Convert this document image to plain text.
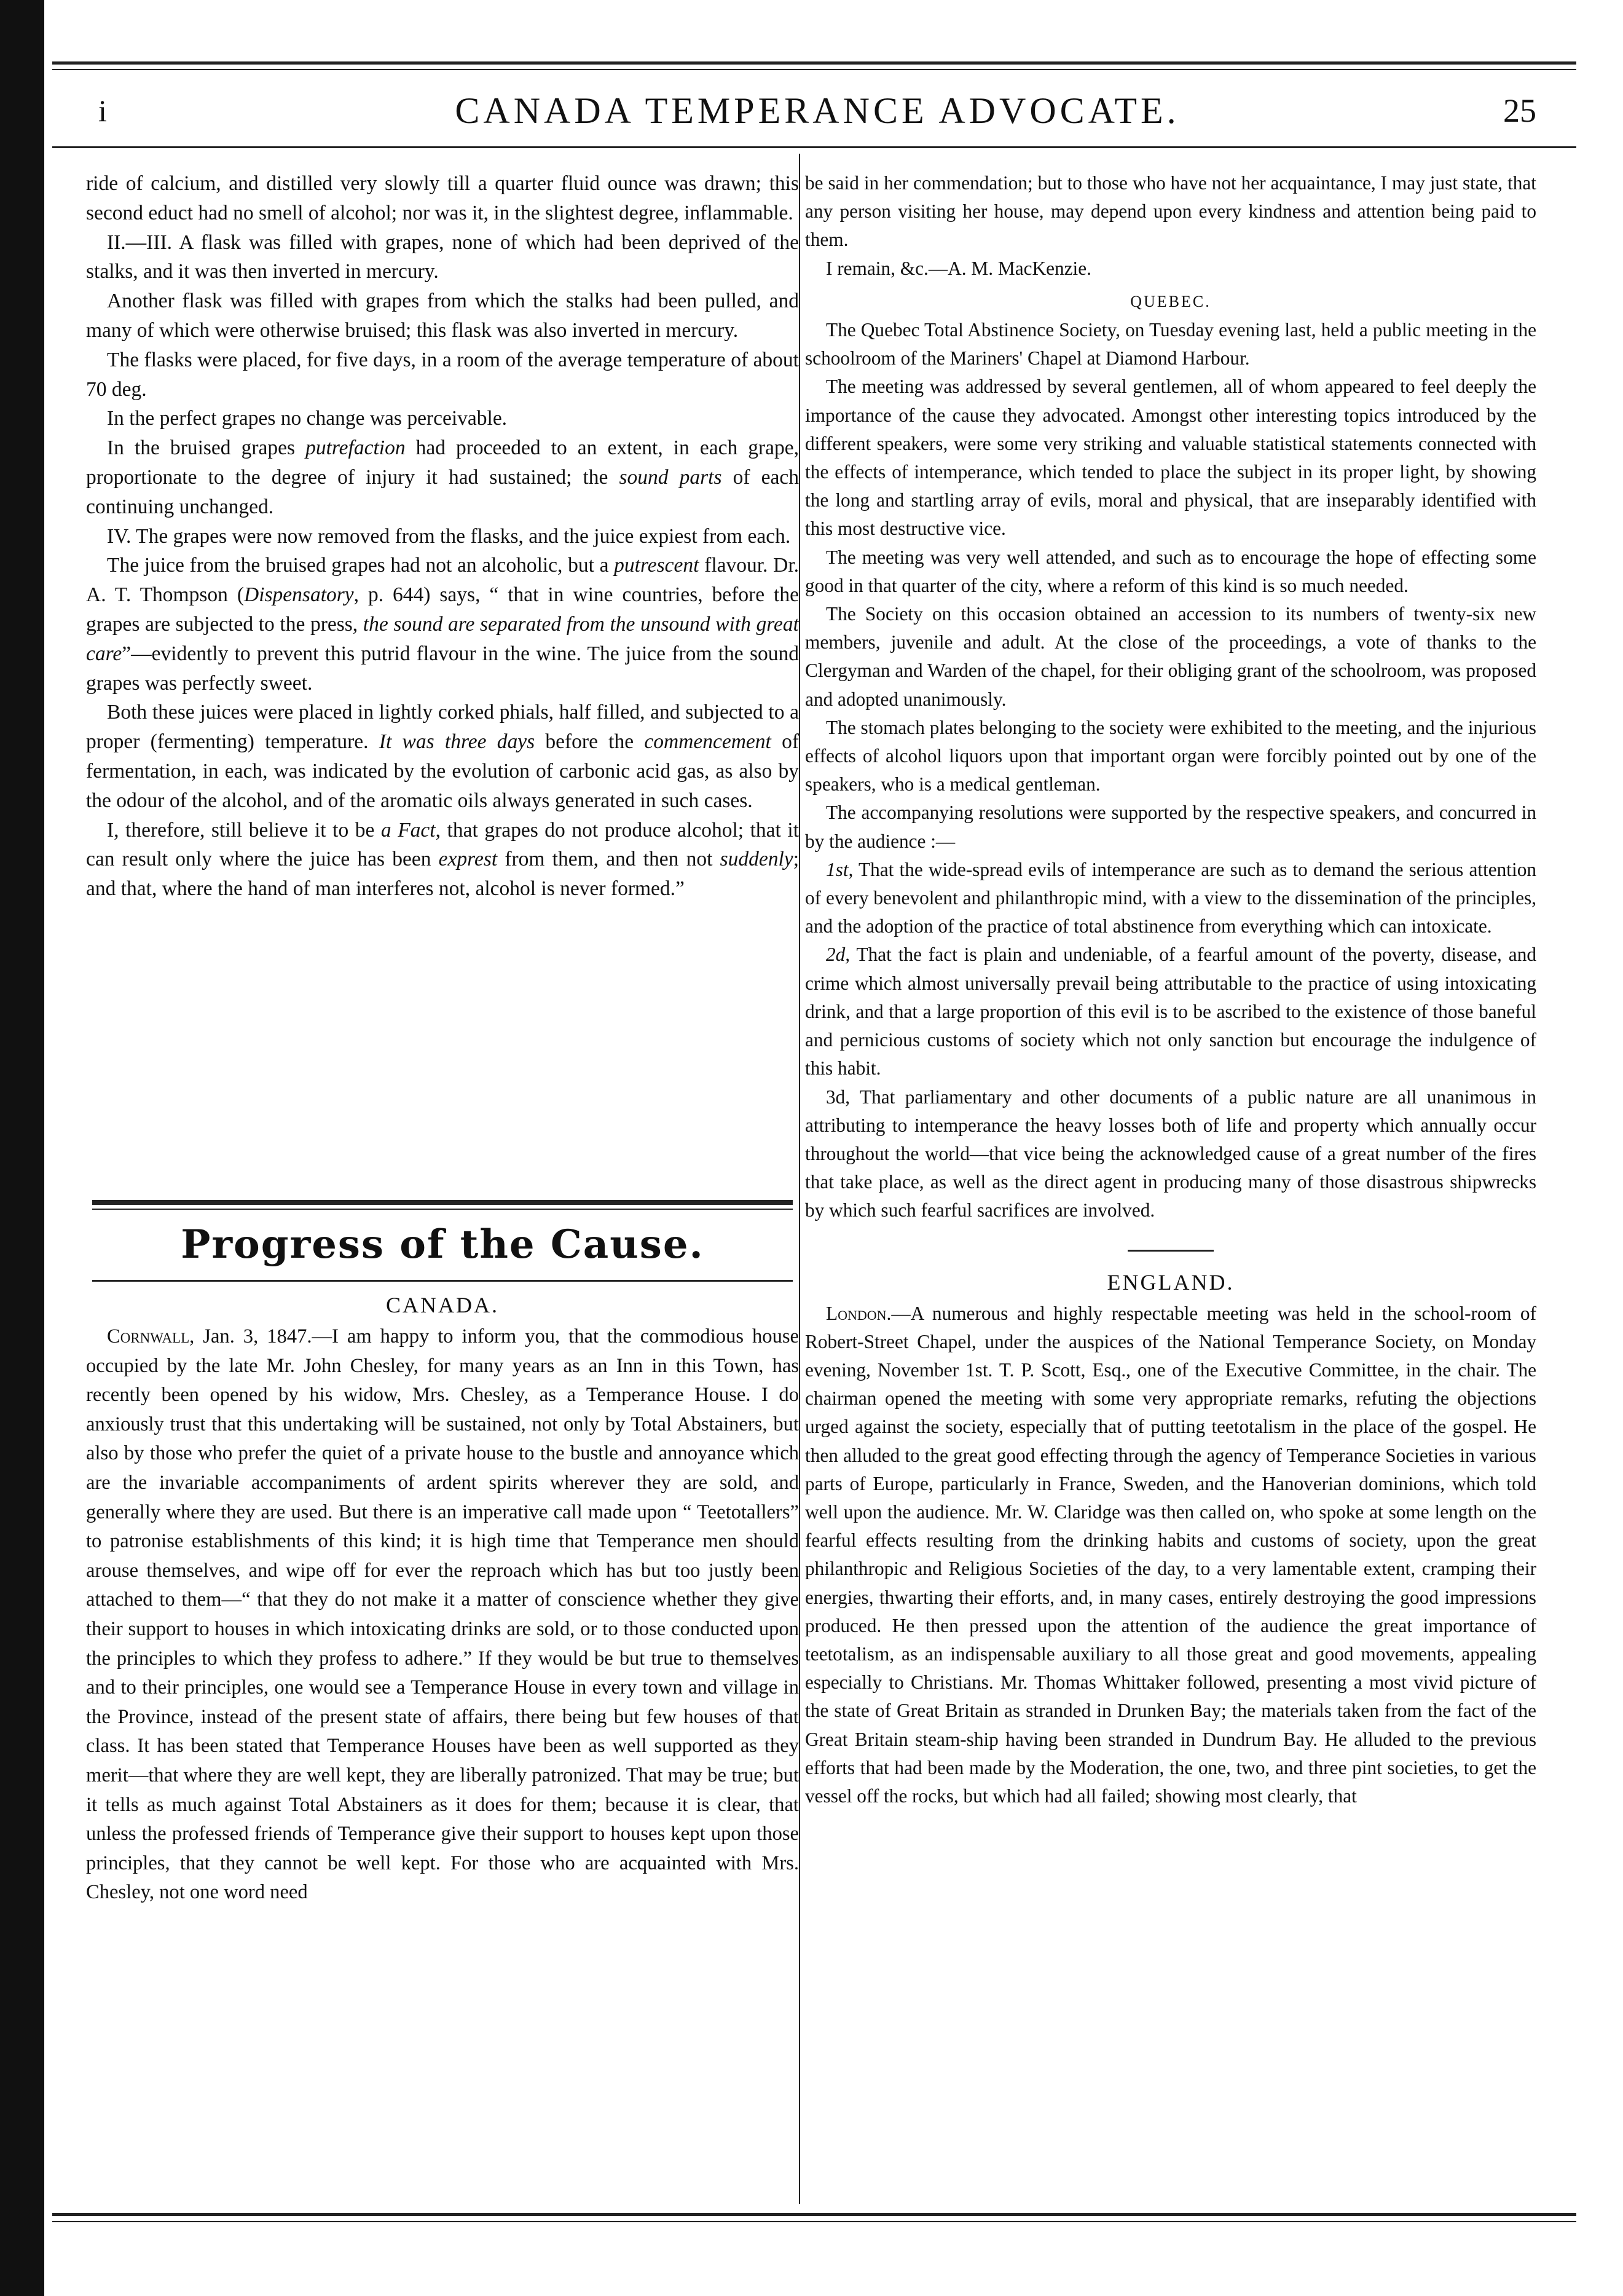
i	CANADA TEMPERANCE ADVOCATE.	25

ride of calcium, and distilled very slowly till a quarter fluid ounce was drawn; this second educt had no smell of alcohol; nor was it, in the slightest degree, inflammable.

II.—III. A flask was filled with grapes, none of which had been deprived of the stalks, and it was then inverted in mercury.

Another flask was filled with grapes from which the stalks had been pulled, and many of which were otherwise bruised; this flask was also inverted in mercury.

The flasks were placed, for five days, in a room of the average temperature of about 70 deg.

In the perfect grapes no change was perceivable.

In the bruised grapes putrefaction had proceeded to an extent, in each grape, proportionate to the degree of injury it had sustained; the sound parts of each continuing unchanged.

IV. The grapes were now removed from the flasks, and the juice expiest from each.

The juice from the bruised grapes had not an alcoholic, but a putrescent flavour. Dr. A. T. Thompson (Dispensatory, p. 644) says, “ that in wine countries, before the grapes are subjected to the press, the sound are separated from the unsound with great care”—evidently to prevent this putrid flavour in the wine. The juice from the sound grapes was perfectly sweet.

Both these juices were placed in lightly corked phials, half filled, and subjected to a proper (fermenting) temperature. It was three days before the commencement of fermentation, in each, was indicated by the evolution of carbonic acid gas, as also by the odour of the alcohol, and of the aromatic oils always generated in such cases.

I, therefore, still believe it to be a Fact, that grapes do not produce alcohol; that it can result only where the juice has been exprest from them, and then not suddenly; and that, where the hand of man interferes not, alcohol is never formed.”

Progress of the Cause.

CANADA.

Cornwall, Jan. 3, 1847.—I am happy to inform you, that the commodious house occupied by the late Mr. John Chesley, for many years as an Inn in this Town, has recently been opened by his widow, Mrs. Chesley, as a Temperance House. I do anxiously trust that this undertaking will be sustained, not only by Total Abstainers, but also by those who prefer the quiet of a private house to the bustle and annoyance which are the invariable accompaniments of ardent spirits wherever they are sold, and generally where they are used. But there is an imperative call made upon “ Teetotallers” to patronise establishments of this kind; it is high time that Temperance men should arouse themselves, and wipe off for ever the reproach which has but too justly been attached to them—“ that they do not make it a matter of conscience whether they give their support to houses in which intoxicating drinks are sold, or to those conducted upon the principles to which they profess to adhere.” If they would be but true to themselves and to their principles, one would see a Temperance House in every town and village in the Province, instead of the present state of affairs, there being but few houses of that class. It has been stated that Temperance Houses have been as well supported as they merit—that where they are well kept, they are liberally patronized. That may be true; but it tells as much against Total Abstainers as it does for them; because it is clear, that unless the professed friends of Temperance give their support to houses kept upon those principles, that they cannot be well kept. For those who are acquainted with Mrs. Chesley, not one word need

be said in her commendation; but to those who have not her acquaintance, I may just state, that any person visiting her house, may depend upon every kindness and attention being paid to them.

I remain, &c.—A. M. MacKenzie.

QUEBEC.

The Quebec Total Abstinence Society, on Tuesday evening last, held a public meeting in the schoolroom of the Mariners' Chapel at Diamond Harbour.

The meeting was addressed by several gentlemen, all of whom appeared to feel deeply the importance of the cause they advocated. Amongst other interesting topics introduced by the different speakers, were some very striking and valuable statistical statements connected with the effects of intemperance, which tended to place the subject in its proper light, by showing the long and startling array of evils, moral and physical, that are inseparably identified with this most destructive vice.

The meeting was very well attended, and such as to encourage the hope of effecting some good in that quarter of the city, where a reform of this kind is so much needed.

The Society on this occasion obtained an accession to its numbers of twenty-six new members, juvenile and adult. At the close of the proceedings, a vote of thanks to the Clergyman and Warden of the chapel, for their obliging grant of the schoolroom, was proposed and adopted unanimously.

The stomach plates belonging to the society were exhibited to the meeting, and the injurious effects of alcohol liquors upon that important organ were forcibly pointed out by one of the speakers, who is a medical gentleman.

The accompanying resolutions were supported by the respective speakers, and concurred in by the audience :—

1st, That the wide-spread evils of intemperance are such as to demand the serious attention of every benevolent and philanthropic mind, with a view to the dissemination of the principles, and the adoption of the practice of total abstinence from everything which can intoxicate.

2d, That the fact is plain and undeniable, of a fearful amount of the poverty, disease, and crime which almost universally prevail being attributable to the practice of using intoxicating drink, and that a large proportion of this evil is to be ascribed to the existence of those baneful and pernicious customs of society which not only sanction but encourage the indulgence of this habit.

3d, That parliamentary and other documents of a public nature are all unanimous in attributing to intemperance the heavy losses both of life and property which annually occur throughout the world—that vice being the acknowledged cause of a great number of the fires that take place, as well as the direct agent in producing many of those disastrous shipwrecks by which such fearful sacrifices are involved.

ENGLAND.

London.—A numerous and highly respectable meeting was held in the school-room of Robert-Street Chapel, under the auspices of the National Temperance Society, on Monday evening, November 1st. T. P. Scott, Esq., one of the Executive Committee, in the chair. The chairman opened the meeting with some very appropriate remarks, refuting the objections urged against the society, especially that of putting teetotalism in the place of the gospel. He then alluded to the great good effecting through the agency of Temperance Societies in various parts of Europe, particularly in France, Sweden, and the Hanoverian dominions, which told well upon the audience. Mr. W. Claridge was then called on, who spoke at some length on the fearful effects resulting from the drinking habits and customs of society, upon the great philanthropic and Religious Societies of the day, to a very lamentable extent, cramping their energies, thwarting their efforts, and, in many cases, entirely destroying the good impressions produced. He then pressed upon the attention of the audience the great importance of teetotalism, as an indispensable auxiliary to all those great and good movements, appealing especially to Christians. Mr. Thomas Whittaker followed, presenting a most vivid picture of the state of Great Britain as stranded in Drunken Bay; the materials taken from the fact of the Great Britain steam-ship having been stranded in Dundrum Bay. He alluded to the previous efforts that had been made by the Moderation, the one, two, and three pint societies, to get the vessel off the rocks, but which had all failed; showing most clearly, that
